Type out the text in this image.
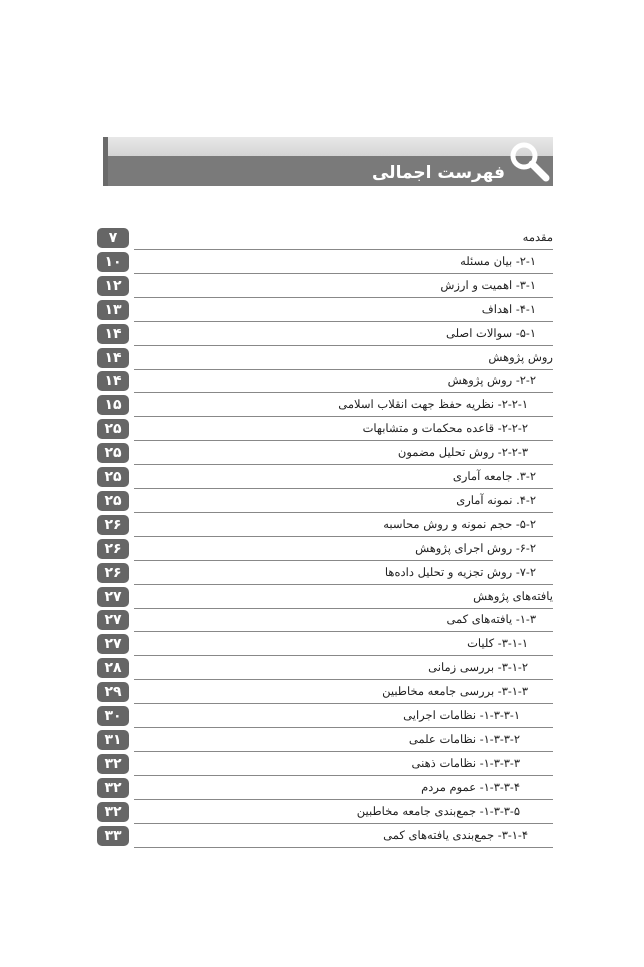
فهرست اجمالی
۷	مقدمه
۱۰	۲-۱- بیان مسئله
۱۲	۳-۱- اهمیت و ارزش
۱۳	۴-۱- اهداف
۱۴	۵-۱- سوالات اصلی
۱۴	روش پژوهش
۱۴	۲-۲- روش پژوهش
۱۵	۲-۲-۱- نظریه حفظ جهت انقلاب اسلامی
۲۵	۲-۲-۲- قاعده محکمات و متشابهات
۲۵	۲-۲-۳- روش تحلیل مضمون
۲۵	۳-۲. جامعه آماری
۲۵	۴-۲. نمونه آماری
۲۶	۵-۲- حجم نمونه و روش محاسبه
۲۶	۶-۲- روش اجرای پژوهش
۲۶	۷-۲- روش تجزیه و تحلیل داده‌ها
۲۷	یافته‌های پژوهش
۲۷	۱-۳- یافته‌های کمی
۲۷	۳-۱-۱- کلیات
۲۸	۳-۱-۲- بررسی زمانی
۲۹	۳-۱-۳- بررسی جامعه مخاطبین
۳۰	۱-۳-۳-۱- نظامات اجرایی
۳۱	۱-۳-۳-۲- نظامات علمی
۳۲	۱-۳-۳-۳- نظامات ذهنی
۳۲	۱-۳-۳-۴- عموم مردم
۳۲	۱-۳-۳-۵- جمع‌بندی جامعه مخاطبین
۳۳	۳-۱-۴- جمع‌بندی یافته‌های کمی
